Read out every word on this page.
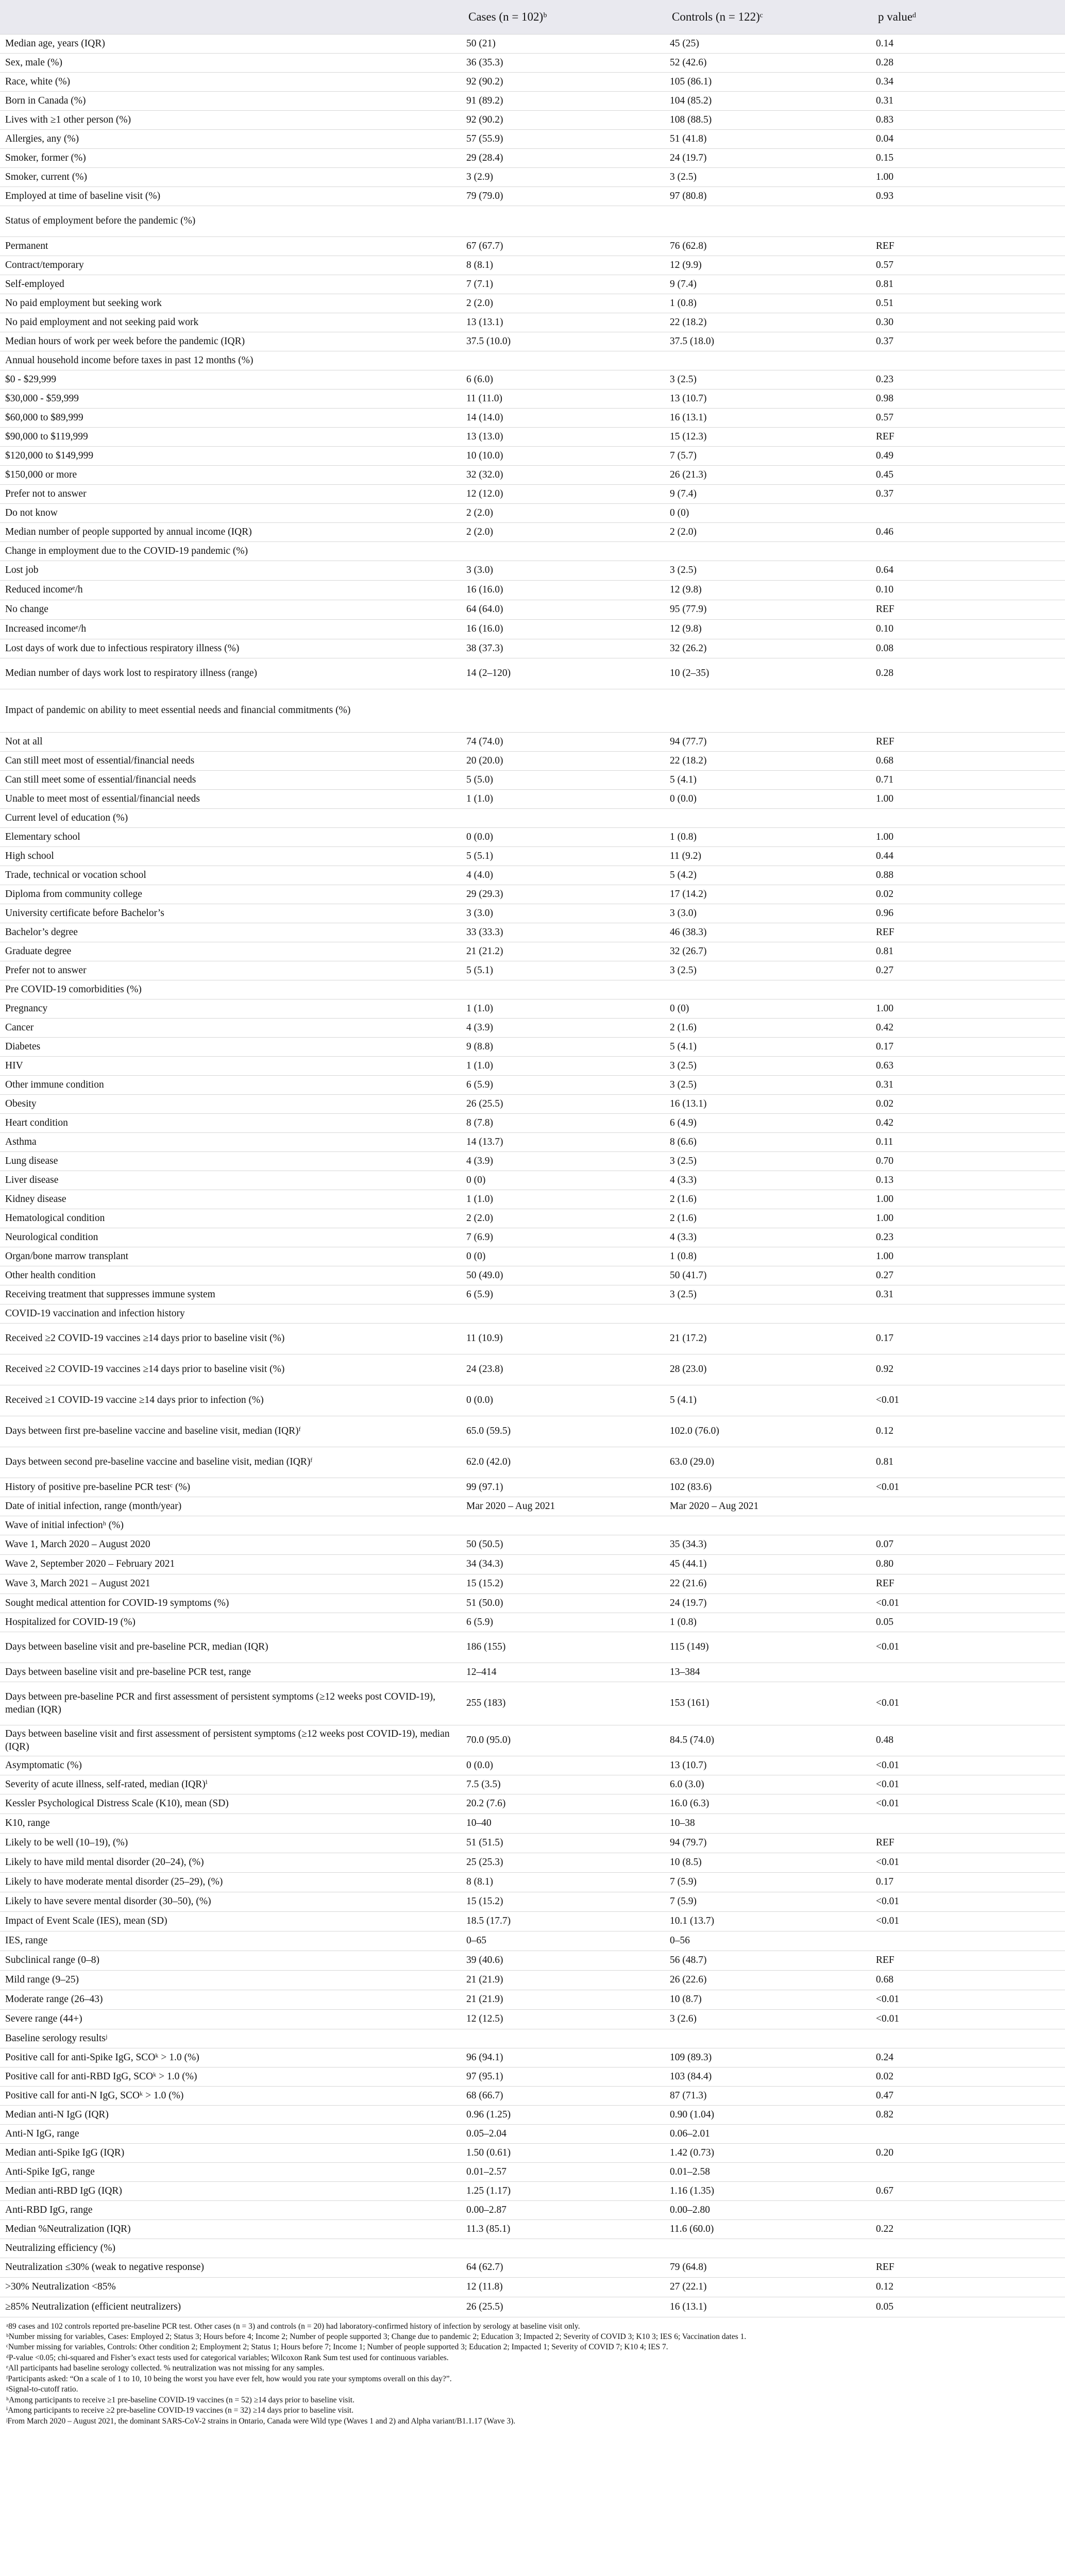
	Cases (n = 102)ᵇ	Controls (n = 122)ᶜ	p valueᵈ
Median age, years (IQR)	50 (21)	45 (25)	0.14
Sex, male (%)	36 (35.3)	52 (42.6)	0.28
Race, white (%)	92 (90.2)	105 (86.1)	0.34
Born in Canada (%)	91 (89.2)	104 (85.2)	0.31
Lives with ≥1 other person (%)	92 (90.2)	108 (88.5)	0.83
Allergies, any (%)	57 (55.9)	51 (41.8)	0.04
Smoker, former (%)	29 (28.4)	24 (19.7)	0.15
Smoker, current (%)	3 (2.9)	3 (2.5)	1.00
Employed at time of baseline visit (%)	79 (79.0)	97 (80.8)	0.93
Status of employment before the pandemic (%)			
Permanent	67 (67.7)	76 (62.8)	REF
Contract/temporary	8 (8.1)	12 (9.9)	0.57
Self-employed	7 (7.1)	9 (7.4)	0.81
No paid employment but seeking work	2 (2.0)	1 (0.8)	0.51
No paid employment and not seeking paid work	13 (13.1)	22 (18.2)	0.30
Median hours of work per week before the pandemic (IQR)	37.5 (10.0)	37.5 (18.0)	0.37
Annual household income before taxes in past 12 months (%)			
$0 - $29,999	6 (6.0)	3 (2.5)	0.23
$30,000 - $59,999	11 (11.0)	13 (10.7)	0.98
$60,000 to $89,999	14 (14.0)	16 (13.1)	0.57
$90,000 to $119,999	13 (13.0)	15 (12.3)	REF
$120,000 to $149,999	10 (10.0)	7 (5.7)	0.49
$150,000 or more	32 (32.0)	26 (21.3)	0.45
Prefer not to answer	12 (12.0)	9 (7.4)	0.37
Do not know	2 (2.0)	0 (0)	
Median number of people supported by annual income (IQR)	2 (2.0)	2 (2.0)	0.46
Change in employment due to the COVID-19 pandemic (%)			
Lost job	3 (3.0)	3 (2.5)	0.64
Reduced incomeᵉ/h	16 (16.0)	12 (9.8)	0.10
No change	64 (64.0)	95 (77.9)	REF
Increased incomeᵉ/h	16 (16.0)	12 (9.8)	0.10
Lost days of work due to infectious respiratory illness (%)	38 (37.3)	32 (26.2)	0.08
Median number of days work lost to respiratory illness (range)	14 (2–120)	10 (2–35)	0.28
Impact of pandemic on ability to meet essential needs and financial commitments (%)			
Not at all	74 (74.0)	94 (77.7)	REF
Can still meet most of essential/financial needs	20 (20.0)	22 (18.2)	0.68
Can still meet some of essential/financial needs	5 (5.0)	5 (4.1)	0.71
Unable to meet most of essential/financial needs	1 (1.0)	0 (0.0)	1.00
Current level of education (%)			
Elementary school	0 (0.0)	1 (0.8)	1.00
High school	5 (5.1)	11 (9.2)	0.44
Trade, technical or vocation school	4 (4.0)	5 (4.2)	0.88
Diploma from community college	29 (29.3)	17 (14.2)	0.02
University certificate before Bachelor’s	3 (3.0)	3 (3.0)	0.96
Bachelor’s degree	33 (33.3)	46 (38.3)	REF
Graduate degree	21 (21.2)	32 (26.7)	0.81
Prefer not to answer	5 (5.1)	3 (2.5)	0.27
Pre COVID-19 comorbidities (%)			
Pregnancy	1 (1.0)	0 (0)	1.00
Cancer	4 (3.9)	2 (1.6)	0.42
Diabetes	9 (8.8)	5 (4.1)	0.17
HIV	1 (1.0)	3 (2.5)	0.63
Other immune condition	6 (5.9)	3 (2.5)	0.31
Obesity	26 (25.5)	16 (13.1)	0.02
Heart condition	8 (7.8)	6 (4.9)	0.42
Asthma	14 (13.7)	8 (6.6)	0.11
Lung disease	4 (3.9)	3 (2.5)	0.70
Liver disease	0 (0)	4 (3.3)	0.13
Kidney disease	1 (1.0)	2 (1.6)	1.00
Hematological condition	2 (2.0)	2 (1.6)	1.00
Neurological condition	7 (6.9)	4 (3.3)	0.23
Organ/bone marrow transplant	0 (0)	1 (0.8)	1.00
Other health condition	50 (49.0)	50 (41.7)	0.27
Receiving treatment that suppresses immune system	6 (5.9)	3 (2.5)	0.31
COVID-19 vaccination and infection history			
Received ≥2 COVID-19 vaccines ≥14 days prior to baseline visit (%)	11 (10.9)	21 (17.2)	0.17
Received ≥2 COVID-19 vaccines ≥14 days prior to baseline visit (%)	24 (23.8)	28 (23.0)	0.92
Received ≥1 COVID-19 vaccine ≥14 days prior to infection (%)	0 (0.0)	5 (4.1)	<0.01
Days between first pre-baseline vaccine and baseline visit, median (IQR)ᶠ	65.0 (59.5)	102.0 (76.0)	0.12
Days between second pre-baseline vaccine and baseline visit, median (IQR)ᶠ	62.0 (42.0)	63.0 (29.0)	0.81
History of positive pre-baseline PCR testᶜ (%)	99 (97.1)	102 (83.6)	<0.01
Date of initial infection, range (month/year)	Mar 2020 – Aug 2021	Mar 2020 – Aug 2021	
Wave of initial infectionʰ (%)			
Wave 1, March 2020 – August 2020	50 (50.5)	35 (34.3)	0.07
Wave 2, September 2020 – February 2021	34 (34.3)	45 (44.1)	0.80
Wave 3, March 2021 – August 2021	15 (15.2)	22 (21.6)	REF
Sought medical attention for COVID-19 symptoms (%)	51 (50.0)	24 (19.7)	<0.01
Hospitalized for COVID-19 (%)	6 (5.9)	1 (0.8)	0.05
Days between baseline visit and pre-baseline PCR, median (IQR)	186 (155)	115 (149)	<0.01
Days between baseline visit and pre-baseline PCR test, range	12–414	13–384	
Days between pre-baseline PCR and first assessment of persistent symptoms (≥12 weeks post COVID-19), median (IQR)	255 (183)	153 (161)	<0.01
Days between baseline visit and first assessment of persistent symptoms (≥12 weeks post COVID-19), median (IQR)	70.0 (95.0)	84.5 (74.0)	0.48
Asymptomatic (%)	0 (0.0)	13 (10.7)	<0.01
Severity of acute illness, self-rated, median (IQR)ⁱ	7.5 (3.5)	6.0 (3.0)	<0.01
Kessler Psychological Distress Scale (K10), mean (SD)	20.2 (7.6)	16.0 (6.3)	<0.01
K10, range	10–40	10–38	
Likely to be well (10–19), (%)	51 (51.5)	94 (79.7)	REF
Likely to have mild mental disorder (20–24), (%)	25 (25.3)	10 (8.5)	<0.01
Likely to have moderate mental disorder (25–29), (%)	8 (8.1)	7 (5.9)	0.17
Likely to have severe mental disorder (30–50), (%)	15 (15.2)	7 (5.9)	<0.01
Impact of Event Scale (IES), mean (SD)	18.5 (17.7)	10.1 (13.7)	<0.01
IES, range	0–65	0–56	
Subclinical range (0–8)	39 (40.6)	56 (48.7)	REF
Mild range (9–25)	21 (21.9)	26 (22.6)	0.68
Moderate range (26–43)	21 (21.9)	10 (8.7)	<0.01
Severe range (44+)	12 (12.5)	3 (2.6)	<0.01
Baseline serology resultsʲ			
Positive call for anti-Spike IgG, SCOᵏ > 1.0 (%)	96 (94.1)	109 (89.3)	0.24
Positive call for anti-RBD IgG, SCOᵏ > 1.0 (%)	97 (95.1)	103 (84.4)	0.02
Positive call for anti-N IgG, SCOᵏ > 1.0 (%)	68 (66.7)	87 (71.3)	0.47
Median anti-N IgG (IQR)	0.96 (1.25)	0.90 (1.04)	0.82
Anti-N IgG, range	0.05–2.04	0.06–2.01	
Median anti-Spike IgG (IQR)	1.50 (0.61)	1.42 (0.73)	0.20
Anti-Spike IgG, range	0.01–2.57	0.01–2.58	
Median anti-RBD IgG (IQR)	1.25 (1.17)	1.16 (1.35)	0.67
Anti-RBD IgG, range	0.00–2.87	0.00–2.80	
Median %Neutralization (IQR)	11.3 (85.1)	11.6 (60.0)	0.22
Neutralizing efficiency (%)			
Neutralization ≤30% (weak to negative response)	64 (62.7)	79 (64.8)	REF
>30% Neutralization <85%	12 (11.8)	27 (22.1)	0.12
≥85% Neutralization (efficient neutralizers)	26 (25.5)	16 (13.1)	0.05

ᵃ89 cases and 102 controls reported pre-baseline PCR test. Other cases (n = 3) and controls (n = 20) had laboratory-confirmed history of infection by serology at baseline visit only.

ᵇNumber missing for variables, Cases: Employed 2; Status 3; Hours before 4; Income 2; Number of people supported 3; Change due to pandemic 2; Education 3; Impacted 2; Severity of COVID 3; K10 3; IES 6; Vaccination dates 1.

ᶜNumber missing for variables, Controls: Other condition 2; Employment 2; Status 1; Hours before 7; Income 1; Number of people supported 3; Education 2; Impacted 1; Severity of COVID 7; K10 4; IES 7.

ᵈP-value <0.05; chi-squared and Fisher’s exact tests used for categorical variables; Wilcoxon Rank Sum test used for continuous variables.

ᵉAll participants had baseline serology collected. % neutralization was not missing for any samples.

ᶠParticipants asked: “On a scale of 1 to 10, 10 being the worst you have ever felt, how would you rate your symptoms overall on this day?”.

ᵍSignal-to-cutoff ratio.

ʰAmong participants to receive ≥1 pre-baseline COVID-19 vaccines (n = 52) ≥14 days prior to baseline visit.

ⁱAmong participants to receive ≥2 pre-baseline COVID-19 vaccines (n = 32) ≥14 days prior to baseline visit.

ʲFrom March 2020 – August 2021, the dominant SARS-CoV-2 strains in Ontario, Canada were Wild type (Waves 1 and 2) and Alpha variant/B1.1.17 (Wave 3).
